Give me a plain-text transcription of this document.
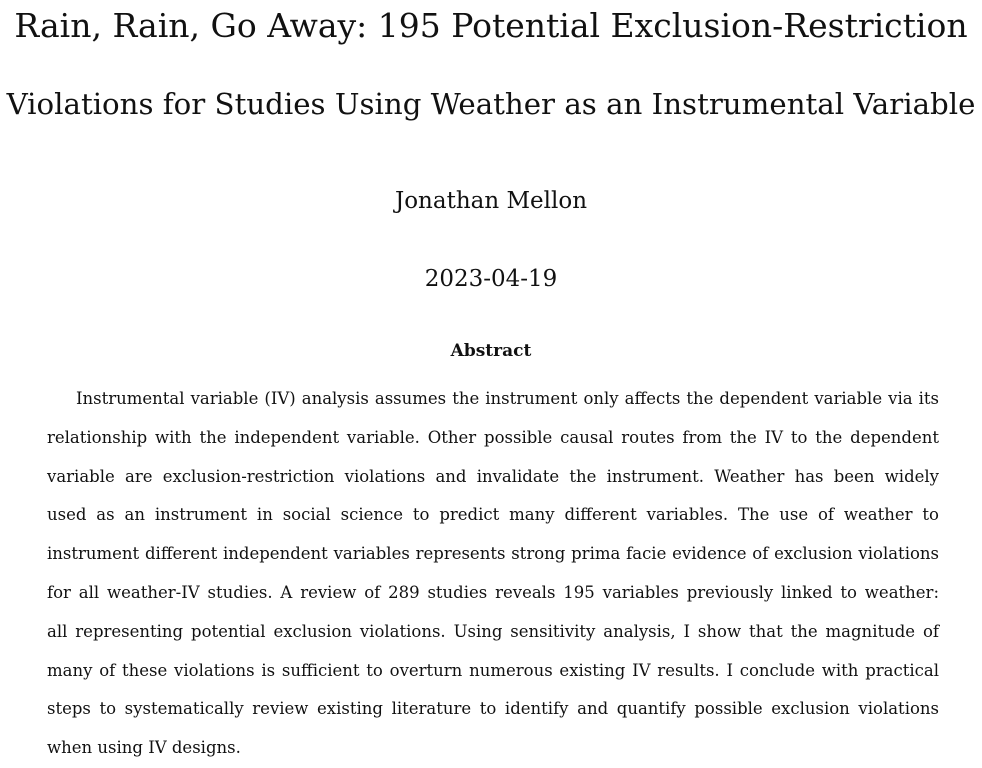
Rain, Rain, Go Away: 195 Potential Exclusion-Restriction
Violations for Studies Using Weather as an Instrumental Variable
Jonathan Mellon
2023-04-19
Abstract
Instrumental variable (IV) analysis assumes the instrument only affects the dependent variable via its
relationship with the independent variable. Other possible causal routes from the IV to the dependent
variable are exclusion-restriction violations and invalidate the instrument. Weather has been widely
used as an instrument in social science to predict many different variables. The use of weather to
instrument different independent variables represents strong prima facie evidence of exclusion violations
for all weather-IV studies. A review of 289 studies reveals 195 variables previously linked to weather:
all representing potential exclusion violations. Using sensitivity analysis, I show that the magnitude of
many of these violations is sufficient to overturn numerous existing IV results. I conclude with practical
steps to systematically review existing literature to identify and quantify possible exclusion violations
when using IV designs.
